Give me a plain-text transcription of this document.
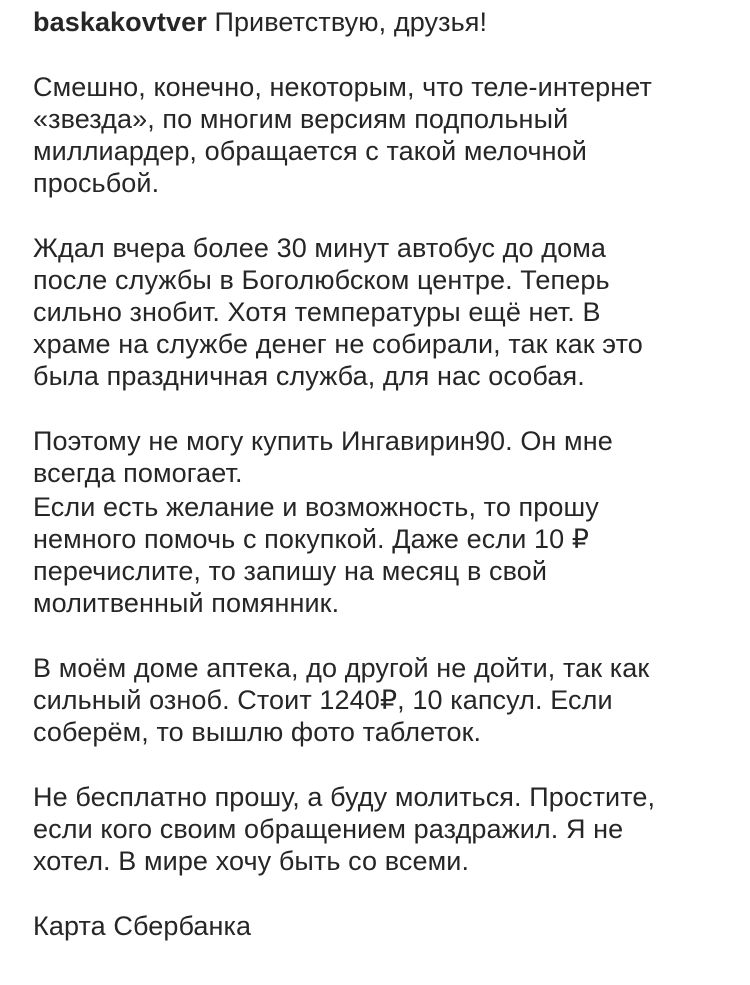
baskakovtver Приветствую, друзья!
Смешно, конечно, некоторым, что теле-интернет
«звезда», по многим версиям подпольный
миллиардер, обращается с такой мелочной
просьбой.
Ждал вчера более 30 минут автобус до дома
после службы в Боголюбском центре. Теперь
сильно знобит. Хотя температуры ещё нет. В
храме на службе денег не собирали, так как это
была праздничная служба, для нас особая.
Поэтому не могу купить Ингавирин90. Он мне
всегда помогает.
Если есть желание и возможность, то прошу
немного помочь с покупкой. Даже если 10 ₽
перечислите, то запишу на месяц в свой
молитвенный помянник.
В моём доме аптека, до другой не дойти, так как
сильный озноб. Стоит 1240₽, 10 капсул. Если
соберём, то вышлю фото таблеток.
Не бесплатно прошу, а буду молиться. Простите,
если кого своим обращением раздражил. Я не
хотел. В мире хочу быть со всеми.
Карта Сбербанка
